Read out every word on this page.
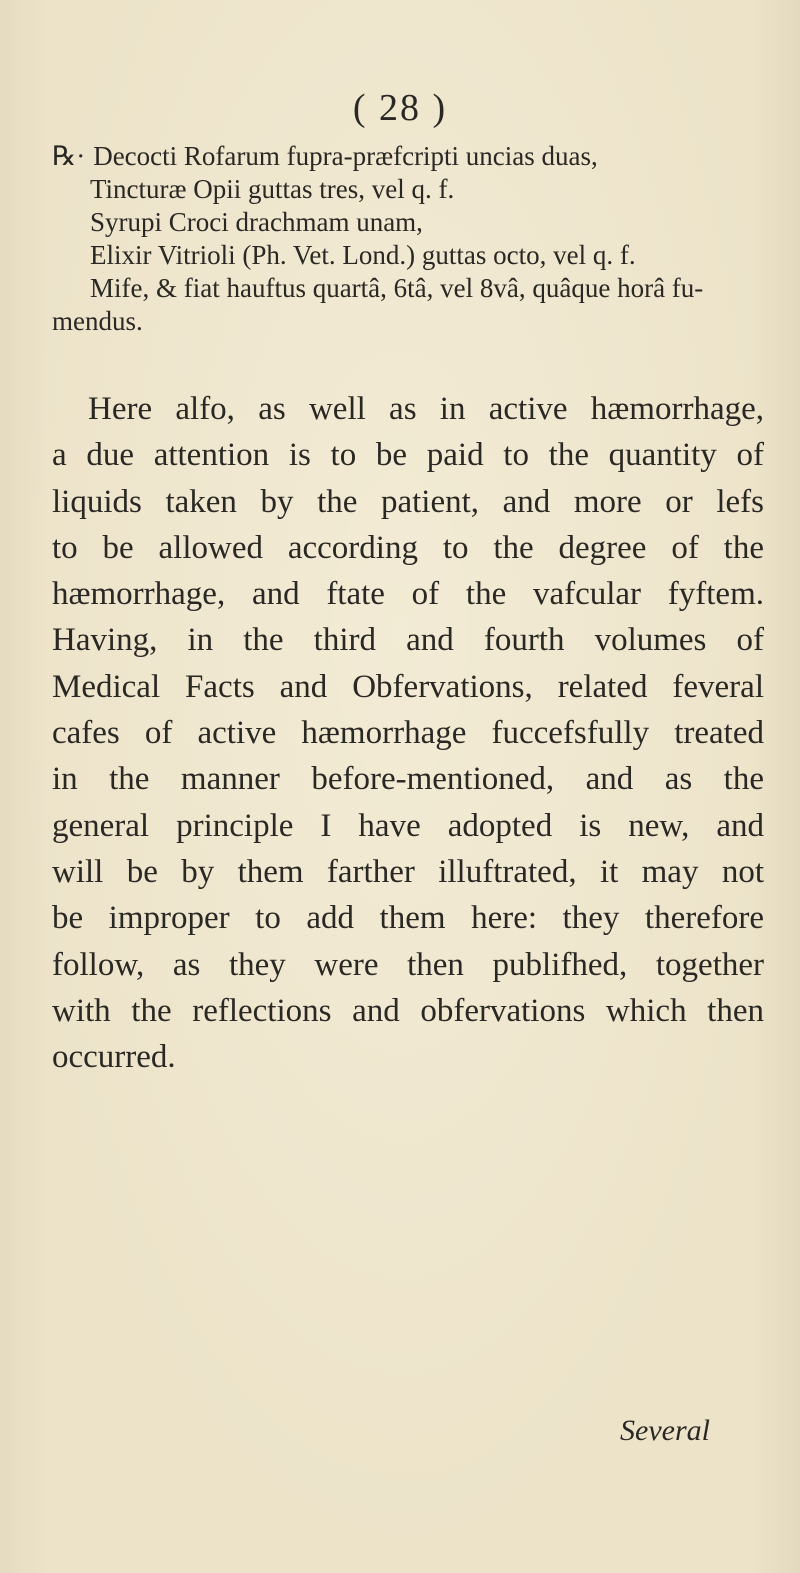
( 28 )
℞· Decocti Rofarum fupra-præfcripti uncias duas,
Tincturæ Opii guttas tres, vel q. f.
Syrupi Croci drachmam unam,
Elixir Vitrioli (Ph. Vet. Lond.) guttas octo, vel q. f.
Mife, & fiat hauftus quartâ, 6tâ, vel 8vâ, quâque horâ fu-
mendus.
Here alfo, as well as in active hæmorrhage,
a due attention is to be paid to the quantity of
liquids taken by the patient, and more or lefs
to be allowed according to the degree of the
hæmorrhage, and ftate of the vafcular fyftem.
Having, in the third and fourth volumes of
Medical Facts and Obfervations, related feveral
cafes of active hæmorrhage fuccefsfully treated
in the manner before-mentioned, and as the
general principle I have adopted is new, and
will be by them farther illuftrated, it may not
be improper to add them here: they therefore
follow, as they were then publifhed, together
with the reflections and obfervations which then
occurred.
Several
